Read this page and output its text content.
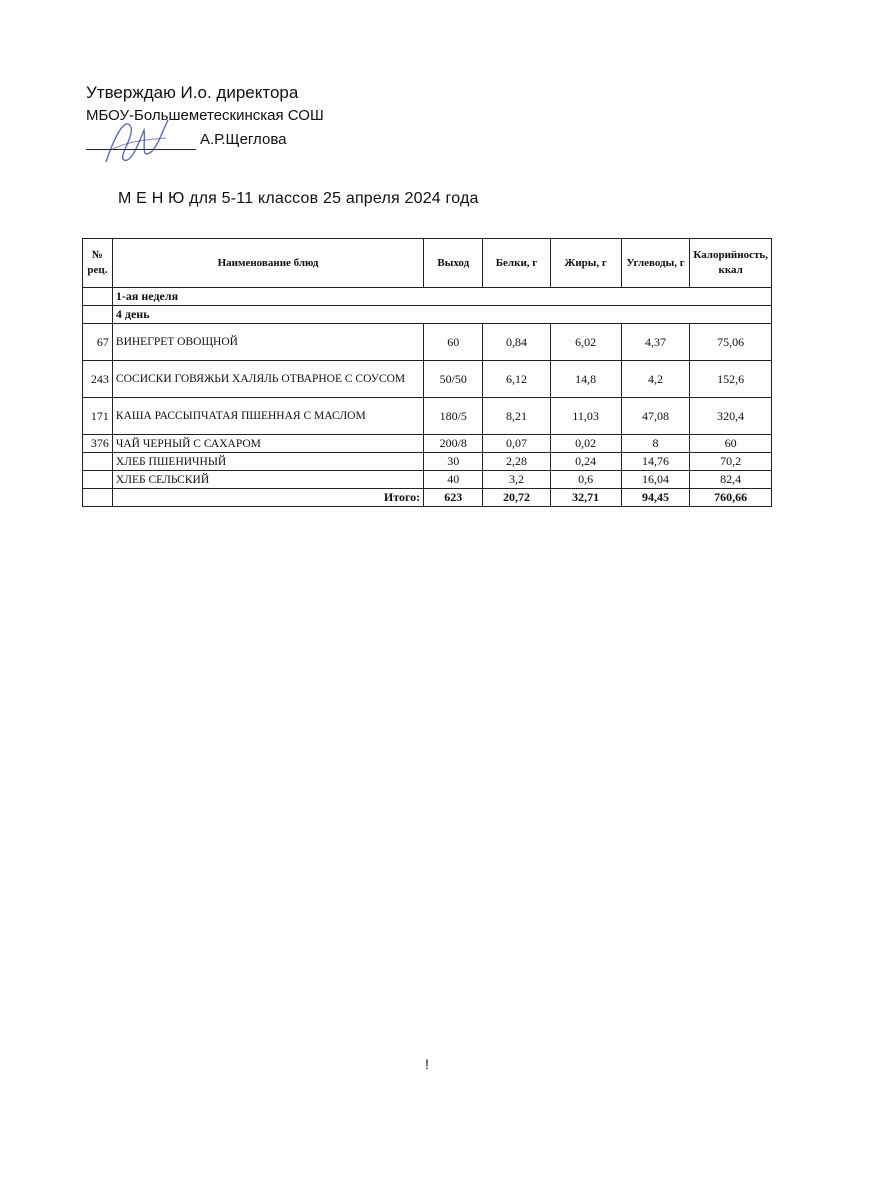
Утверждаю И.о. директора
МБОУ-Большеметескинская СОШ
А.Р.Щеглова
М Е Н Ю для 5-11 классов 25 апреля 2024 года
№ рец.	Наименование блюд	Выход	Белки, г	Жиры, г	Углеводы, г	Калорийность, ккал
	1-ая неделя					
	4 день					
67	ВИНЕГРЕТ ОВОЩНОЙ	60	0,84	6,02	4,37	75,06
243	СОСИСКИ ГОВЯЖЬИ ХАЛЯЛЬ ОТВАРНОЕ С СОУСОМ	50/50	6,12	14,8	4,2	152,6
171	КАША РАССЫПЧАТАЯ ПШЕННАЯ С МАСЛОМ	180/5	8,21	11,03	47,08	320,4
376	ЧАЙ ЧЕРНЫЙ С САХАРОМ	200/8	0,07	0,02	8	60
	ХЛЕБ ПШЕНИЧНЫЙ	30	2,28	0,24	14,76	70,2
	ХЛЕБ СЕЛЬСКИЙ	40	3,2	0,6	16,04	82,4
	Итого:	623	20,72	32,71	94,45	760,66
!
